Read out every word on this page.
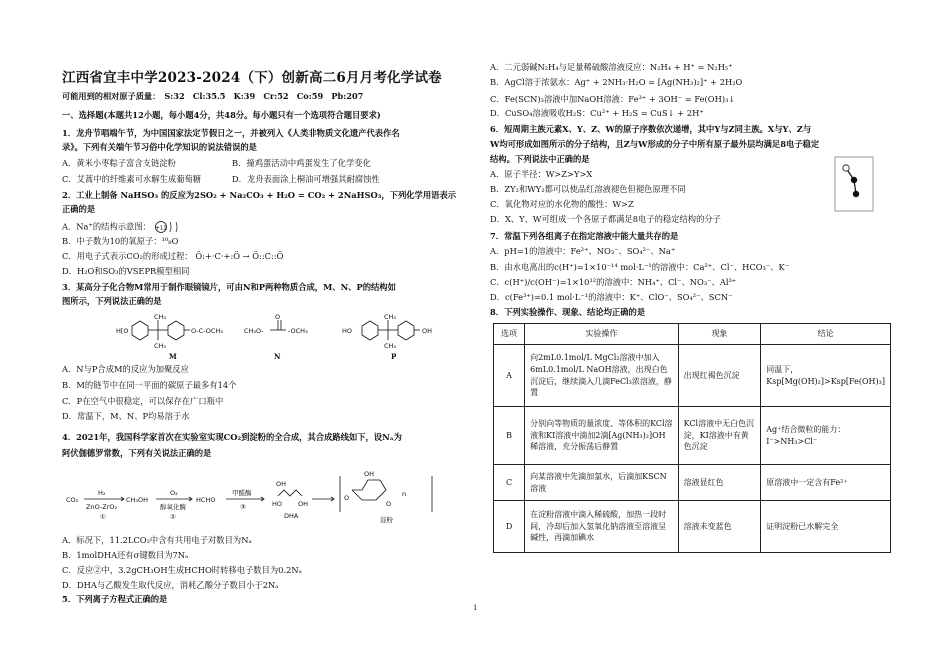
江西省宜丰中学2023-2024（下）创新高二6月月考化学试卷
可能用到的相对原子质量：　S:32　Cl:35.5　K:39　Cr:52　Co:59　Pb:207
一、选择题(本题共12小题，每小题4分，共48分。每小题只有一个选项符合题目要求)
1．龙舟节唱端午节，为中国国家法定节假日之一，并被列入《人类非物质文化遗产代表作名
录》。下列有关端午节习俗中化学知识的说法错误的是
A．黄米小枣粽子富含支链淀粉	B．撞鸡蛋活动中鸡蛋发生了化学变化
C．艾蒿中的纤维素可水解生成葡萄糖	D．龙舟表面涂上桐油可增强其耐腐蚀性
2．工业上制备 NaHSO₃ 的反应为2SO₂ + Na₂CO₃ + H₂O = CO₂ + 2NaHSO₃，下列化学用语表示
正确的是
A．Na⁺的结构示意图： +11
B．中子数为10的氧原子：¹⁰₈O
C．用电子式表示CO₂的形成过程： Ö:+·C·+:Ö → Ö::C::Ö
D．H₂O和SO₃的VSEPR模型相同
3．某高分子化合物M常用于制作眼镜镜片，可由N和P两种物质合成，M、N、P的结构如
图所示，下列说法正确的是
H[O	O-C-OCH₃
CH₃
CH₃
CH₃O-
O
-OCH₃	HO
CH₃
CH₃
OH
M	N	P
A．N与P合成M的反应为加聚反应
B．M的链节中在同一平面的碳原子最多有14个
C．P在空气中很稳定，可以保存在广口瓶中
D．常温下，M、N、P均易溶于水
4．2021年，我国科学家首次在实验室实现CO₂到淀粉的全合成，其合成路线如下，设Nₐ为
阿伏伽德罗常数，下列有关说法正确的是
CO₂
H₂
ZnO-ZrO₂
①
CH₃OH
O₂
醇氧化酶
②
HCHO
甲醛酶
③
OH
HO OH
DHA
OH
O
O
n
淀粉
A．标况下，11.2LCO₂中含有共用电子对数目为Nₐ
B．1molDHA还有σ键数目为7Nₐ
C．反应②中，3.2gCH₃OH生成HCHO时转移电子数目为0.2Nₐ
D．DHA与乙酸发生取代反应，消耗乙酸分子数目小于2Nₐ
5．下列离子方程式正确的是
A．二元弱碱N₂H₄与足量稀硫酸溶液反应：N₂H₄ + H⁺ = N₂H₅⁺
B．AgCl溶于浓氨水：Ag⁺ + 2NH₃·H₂O = [Ag(NH₃)₂]⁺ + 2H₂O
C．Fe(SCN)₃溶液中加NaOH溶液：Fe³⁺ + 3OH⁻ = Fe(OH)₃↓
D．CuSO₄溶液吸收H₂S：Cu²⁺ + H₂S = CuS↓ + 2H⁺
6．短周期主族元素X、Y、Z、W的原子序数依次递增，其中Y与Z同主族。X与Y、Z与
W均可形成如图所示的分子结构，且Z与W形成的分子中所有原子最外层均满足8电子稳定
结构。下列说法中正确的是
A．原子半径：W>Z>Y>X
B．ZY₂和WY₂都可以使品红溶液褪色但褪色原理不同
C．氧化物对应的水化物的酸性：W>Z
D．X、Y、W可组成一个各原子都满足8电子的稳定结构的分子
7．常温下列各组离子在指定溶液中能大量共存的是
A．pH=1的溶液中：Fe²⁺、NO₃⁻、SO₄²⁻、Na⁺
B．由水电离出的c(H⁺)=1×10⁻¹⁴ mol·L⁻¹的溶液中：Ca²⁺、Cl⁻、HCO₃⁻、K⁻
C．c(H⁺)/c(OH⁻)=1×10¹²的溶液中：NH₄⁺、Cl⁻、NO₃⁻、Al³⁺
D．c(Fe³⁺)=0.1 mol·L⁻¹的溶液中：K⁺、ClO⁻、SO₄²⁻、SCN⁻
8．下列实验操作、现象、结论均正确的是
选项	实验操作	现象	结论
A	向2mL0.1mol/L MgCl₂溶液中加入6mL0.1mol/L NaOH溶液，出现白色沉淀后，继续滴入几滴FeCl₃浓溶液，静置	出现红褐色沉淀	同温下，Ksp[Mg(OH)₂]>Ksp[Fe(OH)₃]
B	分别向等物质的量浓度、等体积的KCl溶液和KI溶液中滴加2滴[Ag(NH₃)₂]OH稀溶液，充分振荡后静置	KCl溶液中无白色沉淀，KI溶液中有黄色沉淀	Ag⁺结合微粒的能力：I⁻>NH₃>Cl⁻
C	向某溶液中先滴加氯水，后滴加KSCN溶液	溶液显红色	原溶液中一定含有Fe²⁺
D	在淀粉溶液中滴入稀硫酸，加热一段时间，冷却后加入氢氧化钠溶液至溶液呈碱性，再滴加碘水	溶液未变蓝色	证明淀粉已水解完全
1
